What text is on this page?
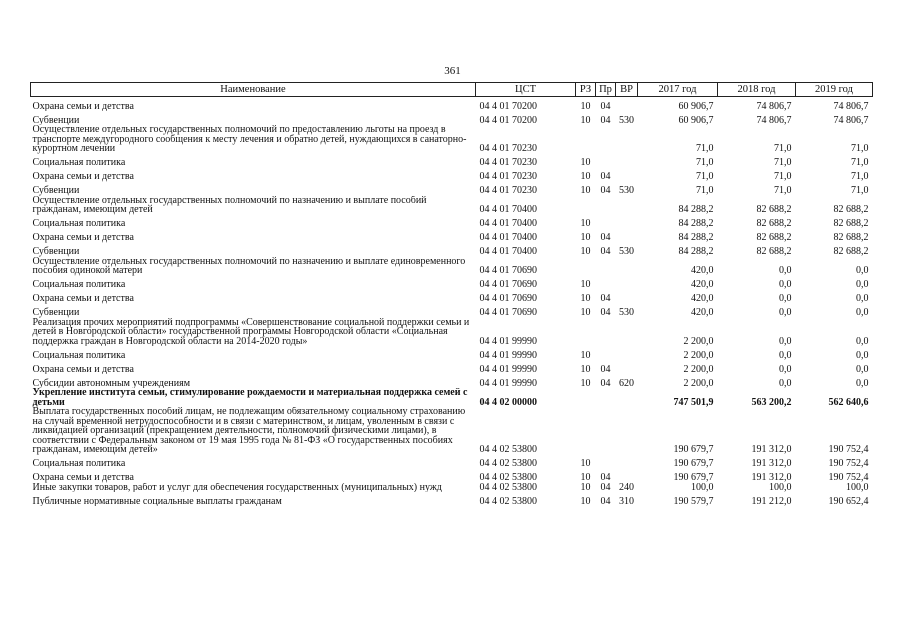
361
Наименование	ЦСТ	РЗ	Пр	ВР	2017 год	2018 год	2019 год
Охрана семьи и детства	04 4 01 70200	10	04		60 906,7	74 806,7	74 806,7
Субвенции	04 4 01 70200	10	04	530	60 906,7	74 806,7	74 806,7
Осуществление отдельных государственных полномочий по предоставлению льготы на проезд в транспорте междугородного сообщения к месту лечения и обратно детей, нуждающихся в санаторно-курортном лечении	04 4 01 70230				71,0	71,0	71,0
Социальная политика	04 4 01 70230	10			71,0	71,0	71,0
Охрана семьи и детства	04 4 01 70230	10	04		71,0	71,0	71,0
Субвенции	04 4 01 70230	10	04	530	71,0	71,0	71,0
Осуществление отдельных государственных полномочий по назначению и выплате пособий гражданам, имеющим детей	04 4 01 70400				84 288,2	82 688,2	82 688,2
Социальная политика	04 4 01 70400	10			84 288,2	82 688,2	82 688,2
Охрана семьи и детства	04 4 01 70400	10	04		84 288,2	82 688,2	82 688,2
Субвенции	04 4 01 70400	10	04	530	84 288,2	82 688,2	82 688,2
Осуществление отдельных государственных полномочий по назначению и выплате единовременного пособия одинокой матери	04 4 01 70690				420,0	0,0	0,0
Социальная политика	04 4 01 70690	10			420,0	0,0	0,0
Охрана семьи и детства	04 4 01 70690	10	04		420,0	0,0	0,0
Субвенции	04 4 01 70690	10	04	530	420,0	0,0	0,0
Реализация прочих мероприятий подпрограммы «Совершенствование социальной поддержки семьи и детей в Новгородской области» государственной программы Новгородской области «Социальная поддержка граждан в Новгородской области на 2014-2020 годы»	04 4 01 99990				2 200,0	0,0	0,0
Социальная политика	04 4 01 99990	10			2 200,0	0,0	0,0
Охрана семьи и детства	04 4 01 99990	10	04		2 200,0	0,0	0,0
Субсидии автономным учреждениям	04 4 01 99990	10	04	620	2 200,0	0,0	0,0
Укрепление института семьи, стимулирование рождаемости и материальная поддержка семей с детьми	04 4 02 00000				747 501,9	563 200,2	562 640,6
Выплата государственных пособий лицам, не подлежащим обязательному социальному страхованию на случай временной нетрудоспособности и в связи с материнством, и лицам, уволенным в связи с ликвидацией организаций (прекращением деятельности, полномочий физическими лицами), в соответствии с Федеральным законом от 19 мая 1995 года № 81-ФЗ «О государственных пособиях гражданам, имеющим детей»	04 4 02 53800				190 679,7	191 312,0	190 752,4
Социальная политика	04 4 02 53800	10			190 679,7	191 312,0	190 752,4
Охрана семьи и детства	04 4 02 53800	10	04		190 679,7	191 312,0	190 752,4
Иные закупки товаров, работ и услуг для обеспечения государственных (муниципальных) нужд	04 4 02 53800	10	04	240	100,0	100,0	100,0
Публичные нормативные социальные выплаты гражданам	04 4 02 53800	10	04	310	190 579,7	191 212,0	190 652,4
